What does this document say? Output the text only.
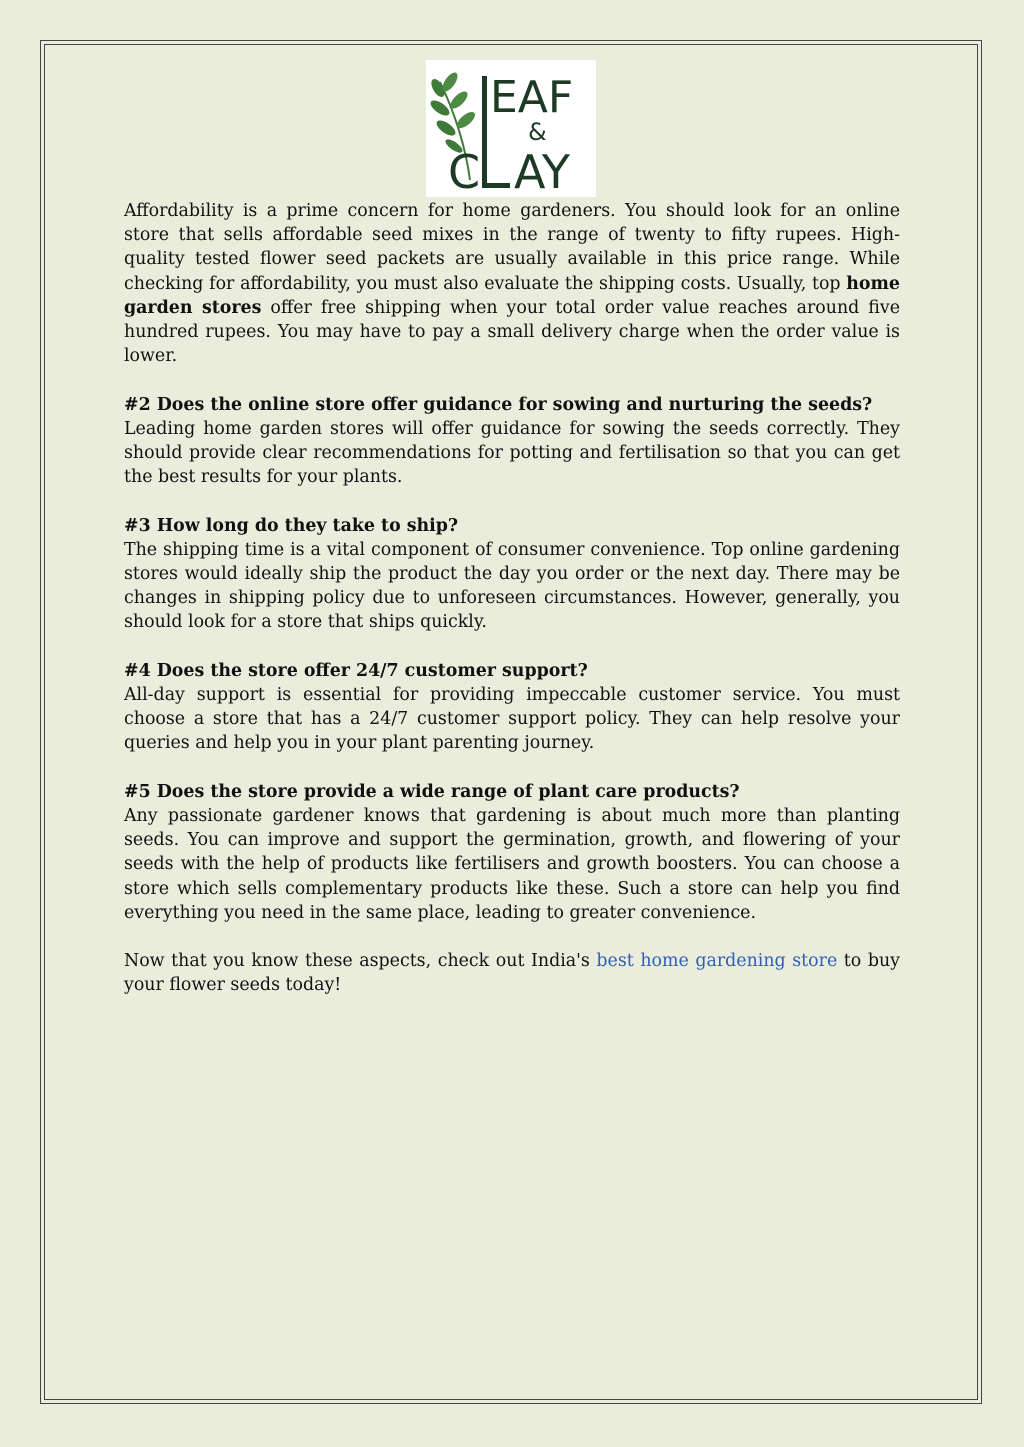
EAF
&
C AY

Affordability is a prime concern for home gardeners. You should look for an online store that sells affordable seed mixes in the range of twenty to fifty rupees. High-quality tested flower seed packets are usually available in this price range. While checking for affordability, you must also evaluate the shipping costs. Usually, top home garden stores offer free shipping when your total order value reaches around five hundred rupees. You may have to pay a small delivery charge when the order value is lower.

#2 Does the online store offer guidance for sowing and nurturing the seeds?

Leading home garden stores will offer guidance for sowing the seeds correctly. They should provide clear recommendations for potting and fertilisation so that you can get the best results for your plants.

#3 How long do they take to ship?

The shipping time is a vital component of consumer convenience. Top online gardening stores would ideally ship the product the day you order or the next day. There may be changes in shipping policy due to unforeseen circumstances. However, generally, you should look for a store that ships quickly.

#4 Does the store offer 24/7 customer support?

All-day support is essential for providing impeccable customer service. You must choose a store that has a 24/7 customer support policy. They can help resolve your queries and help you in your plant parenting journey.

#5 Does the store provide a wide range of plant care products?

Any passionate gardener knows that gardening is about much more than planting seeds. You can improve and support the germination, growth, and flowering of your seeds with the help of products like fertilisers and growth boosters. You can choose a store which sells complementary products like these. Such a store can help you find everything you need in the same place, leading to greater convenience.

Now that you know these aspects, check out India's best home gardening store to buy your flower seeds today!
